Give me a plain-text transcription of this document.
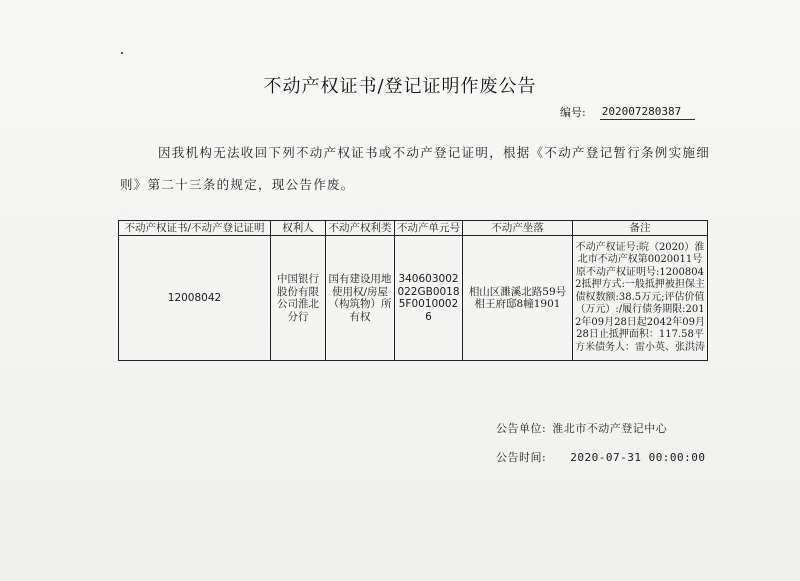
不动产权证书/登记证明作废公告
编号: 202007280387
因我机构无法收回下列不动产权证书或不动产登记证明，根据《不动产登记暂行条例实施细则》第二十三条的规定，现公告作废。
不动产权证书/不动产登记证明	权利人	不动产权利类	不动产单元号	不动产坐落	备注
12008042	中国银行股份有限公司淮北分行	国有建设用地使用权/房屋（构筑物）所有权	340603002022GB00185F00100026	相山区濉溪北路59号相王府邸8幢1901	不动产权证号:皖（2020）淮北市不动产权第0020011号原不动产权证明号:12008042抵押方式:一般抵押被担保主债权数额:38.5万元;评估价值（万元）:/履行债务期限:2012年09月28日起2042年09月28日止抵押面积：117.58平方米债务人：雷小英、张洪涛
公告单位: 淮北市不动产登记中心
公告时间: 2020-07-31 00:00:00
